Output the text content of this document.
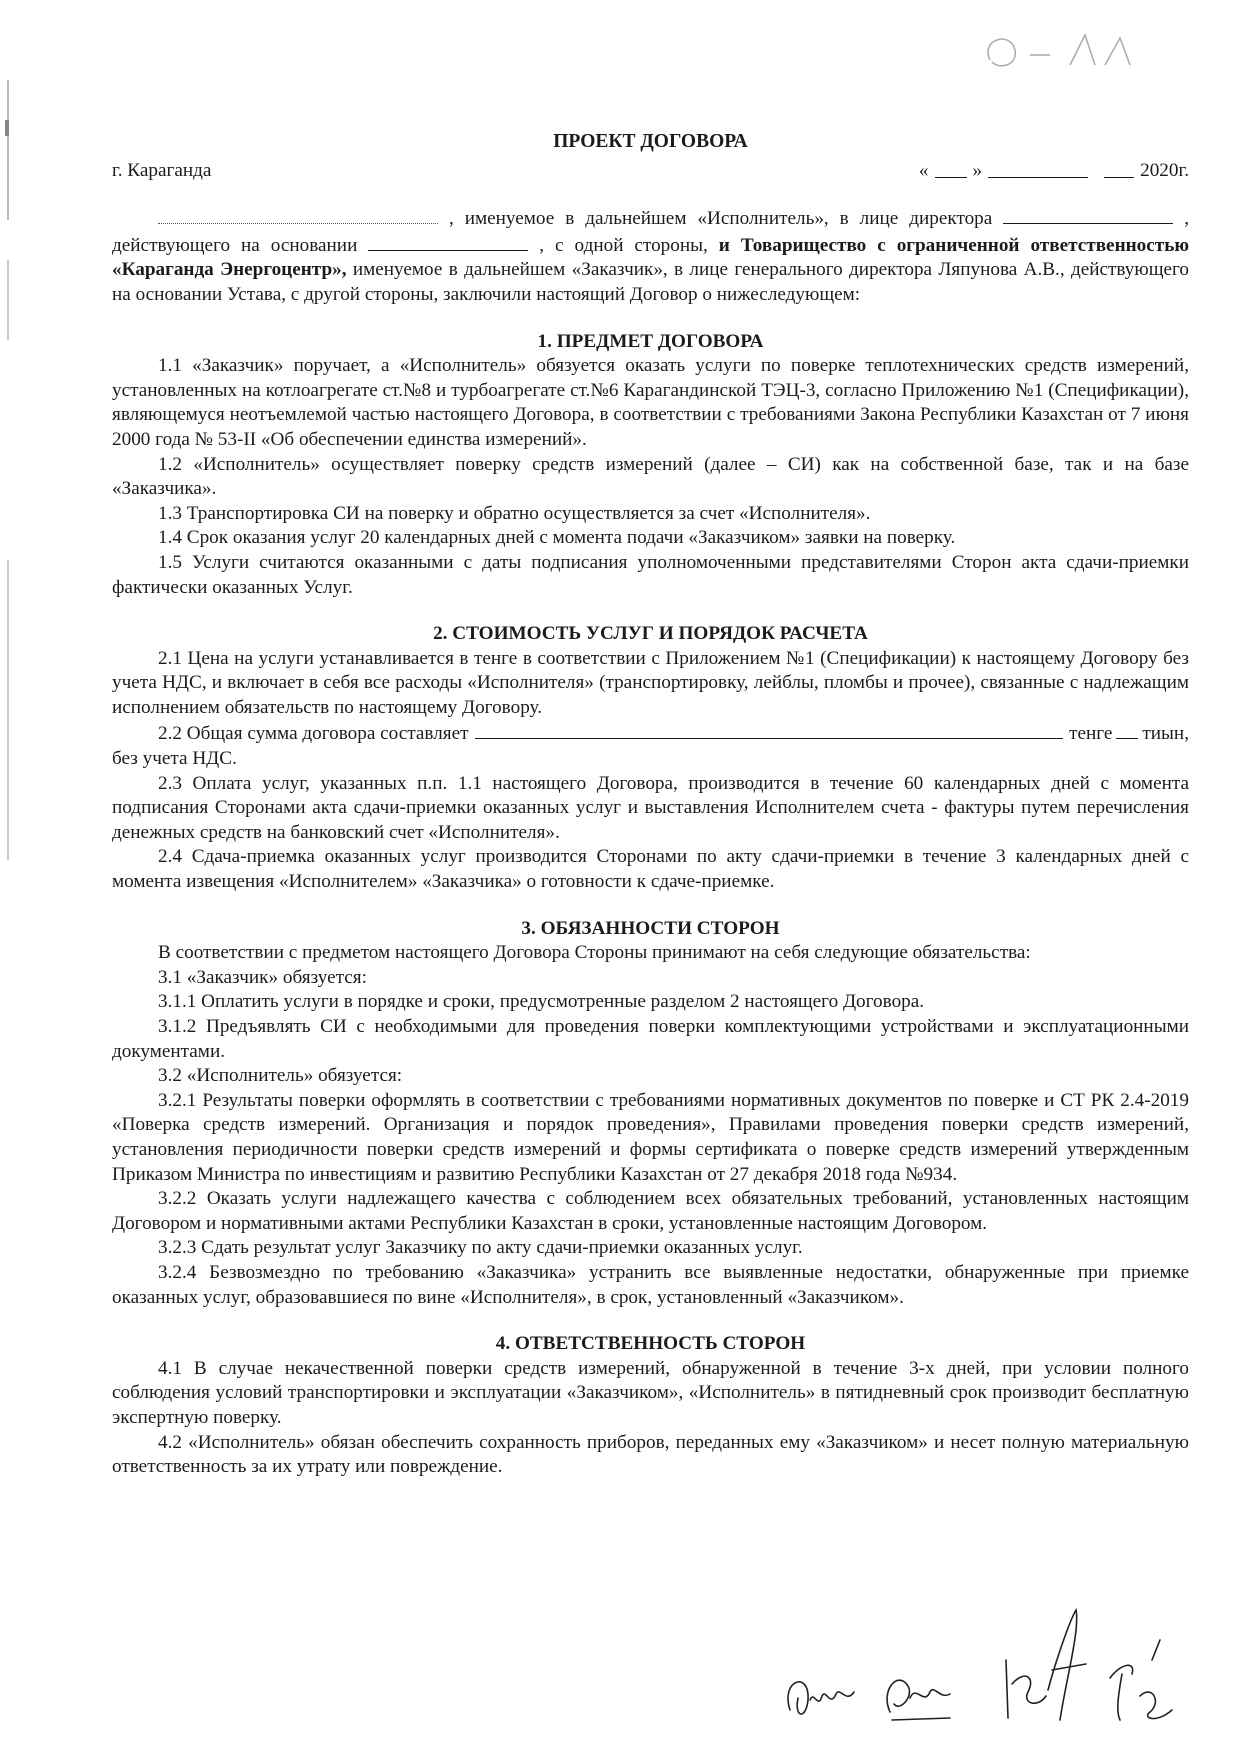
ПРОЕКТ ДОГОВОРА
г. Караганда	« »	2020г.

, именуемое в дальнейшем «Исполнитель», в лице директора	, действующего на основании	, с одной стороны, и Товарищество с ограниченной ответственностью «Караганда Энергоцентр», именуемое в дальнейшем «Заказчик», в лице генерального директора Ляпунова А.В., действующего на основании Устава, с другой стороны, заключили настоящий Договор о нижеследующем:

1. ПРЕДМЕТ ДОГОВОРА

1.1 «Заказчик» поручает, а «Исполнитель» обязуется оказать услуги по поверке теплотехнических средств измерений, установленных на котлоагрегате ст.№8 и турбоагрегате ст.№6 Карагандинской ТЭЦ-3, согласно Приложению №1 (Спецификации), являющемуся неотъемлемой частью настоящего Договора, в соответствии с требованиями Закона Республики Казахстан от 7 июня 2000 года № 53-II «Об обеспечении единства измерений».

1.2 «Исполнитель» осуществляет поверку средств измерений (далее – СИ) как на собственной базе, так и на базе «Заказчика».

1.3 Транспортировка СИ на поверку и обратно осуществляется за счет «Исполнителя».

1.4 Срок оказания услуг 20 календарных дней с момента подачи «Заказчиком» заявки на поверку.

1.5 Услуги считаются оказанными с даты подписания уполномоченными представителями Сторон акта сдачи-приемки фактически оказанных Услуг.

2. СТОИМОСТЬ УСЛУГ И ПОРЯДОК РАСЧЕТА

2.1 Цена на услуги устанавливается в тенге в соответствии с Приложением №1 (Спецификации) к настоящему Договору без учета НДС, и включает в себя все расходы «Исполнителя» (транспортировку, лейблы, пломбы и прочее), связанные с надлежащим исполнением обязательств по настоящему Договору.

2.2 Общая сумма договора составляет	тенге тиын,

без учета НДС.

2.3 Оплата услуг, указанных п.п. 1.1 настоящего Договора, производится в течение 60 календарных дней с момента подписания Сторонами акта сдачи-приемки оказанных услуг и выставления Исполнителем счета - фактуры путем перечисления денежных средств на банковский счет «Исполнителя».

2.4 Сдача-приемка оказанных услуг производится Сторонами по акту сдачи-приемки в течение 3 календарных дней с момента извещения «Исполнителем» «Заказчика» о готовности к сдаче-приемке.

3. ОБЯЗАННОСТИ СТОРОН

В соответствии с предметом настоящего Договора Стороны принимают на себя следующие обязательства:

3.1 «Заказчик» обязуется:

3.1.1 Оплатить услуги в порядке и сроки, предусмотренные разделом 2 настоящего Договора.

3.1.2 Предъявлять СИ с необходимыми для проведения поверки комплектующими устройствами и эксплуатационными документами.

3.2 «Исполнитель» обязуется:

3.2.1 Результаты поверки оформлять в соответствии с требованиями нормативных документов по поверке и СТ РК 2.4-2019 «Поверка средств измерений. Организация и порядок проведения», Правилами проведения поверки средств измерений, установления периодичности поверки средств измерений и формы сертификата о поверке средств измерений утвержденным Приказом Министра по инвестициям и развитию Республики Казахстан от 27 декабря 2018 года №934.

3.2.2 Оказать услуги надлежащего качества с соблюдением всех обязательных требований, установленных настоящим Договором и нормативными актами Республики Казахстан в сроки, установленные настоящим Договором.

3.2.3 Сдать результат услуг Заказчику по акту сдачи-приемки оказанных услуг.

3.2.4 Безвозмездно по требованию «Заказчика» устранить все выявленные недостатки, обнаруженные при приемке оказанных услуг, образовавшиеся по вине «Исполнителя», в срок, установленный «Заказчиком».

4. ОТВЕТСТВЕННОСТЬ СТОРОН

4.1 В случае некачественной поверки средств измерений, обнаруженной в течение 3-х дней, при условии полного соблюдения условий транспортировки и эксплуатации «Заказчиком», «Исполнитель» в пятидневный срок производит бесплатную экспертную поверку.

4.2 «Исполнитель» обязан обеспечить сохранность приборов, переданных ему «Заказчиком» и несет полную материальную ответственность за их утрату или повреждение.
